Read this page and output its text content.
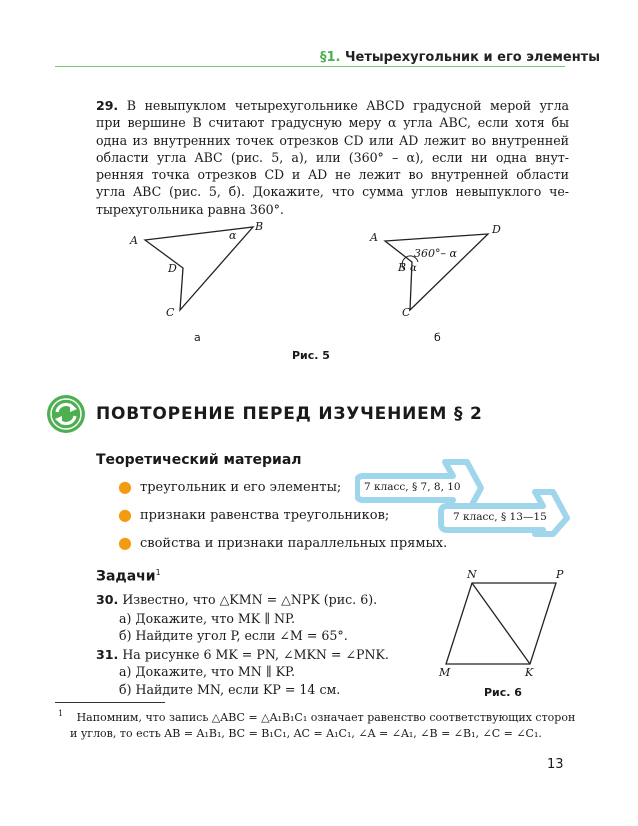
§1. Четырехугольник и его элементы
29. В невыпуклом четырехугольнике ABCD градусной мерой угла
при вершине B считают градусную меру α угла ABC, если хотя бы
одна из внутренних точек отрезков CD или AD лежит во внутренней
области угла ABC (рис. 5, а), или (360° – α), если ни одна внут-
ренняя точка отрезков CD и AD не лежит во внутренней области
угла ABC (рис. 5, б). Докажите, что сумма углов невыпуклого че-
тырехугольника равна 360°.
A
B
α
D
C
а
A
D
360°– α
B α
C
б
Рис. 5
ПОВТОРЕНИЕ ПЕРЕД ИЗУЧЕНИЕМ § 2
Теоретический материал
● треугольник и его элементы;
● признаки равенства треугольников;
● свойства и признаки параллельных прямых.
7 класс, § 7, 8, 10
7 класс, § 13—15
Задачи$^1$
30. Известно, что △KMN = △NPK (рис. 6).
а) Докажите, что MK ∥ NP.
б) Найдите угол P, если ∠M = 65°.
31. На рисунке 6 MK = PN, ∠MKN = ∠PNK.
а) Докажите, что MN ∥ KP.
б) Найдите MN, если KP = 14 см.
N	P
M	K
Рис. 6
$^1$ Напомним, что запись △ABC = △A₁B₁C₁ означает равенство соответствующих сторон
и углов, то есть AB = A₁B₁, BC = B₁C₁, AC = A₁C₁, ∠A = ∠A₁, ∠B = ∠B₁, ∠C = ∠C₁.
13
